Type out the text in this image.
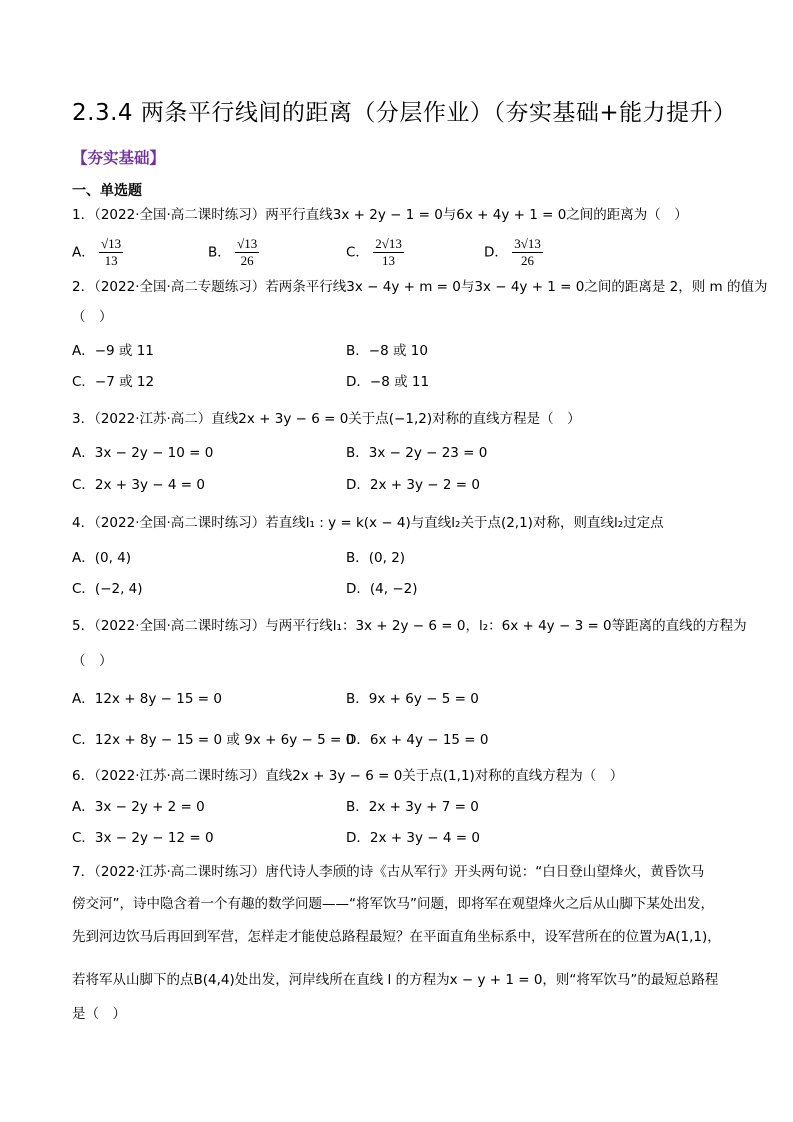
2.3.4 两条平行线间的距离（分层作业）（夯实基础+能力提升）
【夯实基础】
一、单选题
1．（2022·全国·高二课时练习）两平行直线3x + 2y − 1 = 0与6x + 4y + 1 = 0之间的距离为（　）
A． $\frac{√13}{13}$	B． $\frac{√13}{26}$	C． $\frac{2√13}{13}$	D． $\frac{3√13}{26}$
2．（2022·全国·高二专题练习）若两条平行线3x − 4y + m = 0与3x − 4y + 1 = 0之间的距离是 2，则 m 的值为
（　）
A．−9 或 11	B．−8 或 10
C．−7 或 12	D．−8 或 11
3．（2022·江苏·高二）直线2x + 3y − 6 = 0关于点(−1,2)对称的直线方程是（　）
A．3x − 2y − 10 = 0	B．3x − 2y − 23 = 0
C．2x + 3y − 4 = 0	D．2x + 3y − 2 = 0
4．（2022·全国·高二课时练习）若直线l₁ : y = k(x − 4)与直线l₂关于点(2,1)对称，则直线l₂过定点
A．(0, 4)	B．(0, 2)
C．(−2, 4)	D．(4, −2)
5．（2022·全国·高二课时练习）与两平行线l₁：3x + 2y − 6 = 0，l₂：6x + 4y − 3 = 0等距离的直线的方程为
（　）
A．12x + 8y − 15 = 0	B．9x + 6y − 5 = 0
C．12x + 8y − 15 = 0 或 9x + 6y − 5 = 0
D．6x + 4y − 15 = 0
6．（2022·江苏·高二课时练习）直线2x + 3y − 6 = 0关于点(1,1)对称的直线方程为（　）
A．3x − 2y + 2 = 0	B．2x + 3y + 7 = 0
C．3x − 2y − 12 = 0	D．2x + 3y − 4 = 0
7．（2022·江苏·高二课时练习）唐代诗人李颀的诗《古从军行》开头两句说：“白日登山望烽火，黄昏饮马
傍交河”，诗中隐含着一个有趣的数学问题——“将军饮马”问题，即将军在观望烽火之后从山脚下某处出发，
先到河边饮马后再回到军营，怎样走才能使总路程最短？在平面直角坐标系中，设军营所在的位置为A(1,1)，
若将军从山脚下的点B(4,4)处出发，河岸线所在直线 l 的方程为x − y + 1 = 0，则“将军饮马”的最短总路程
是（　）
